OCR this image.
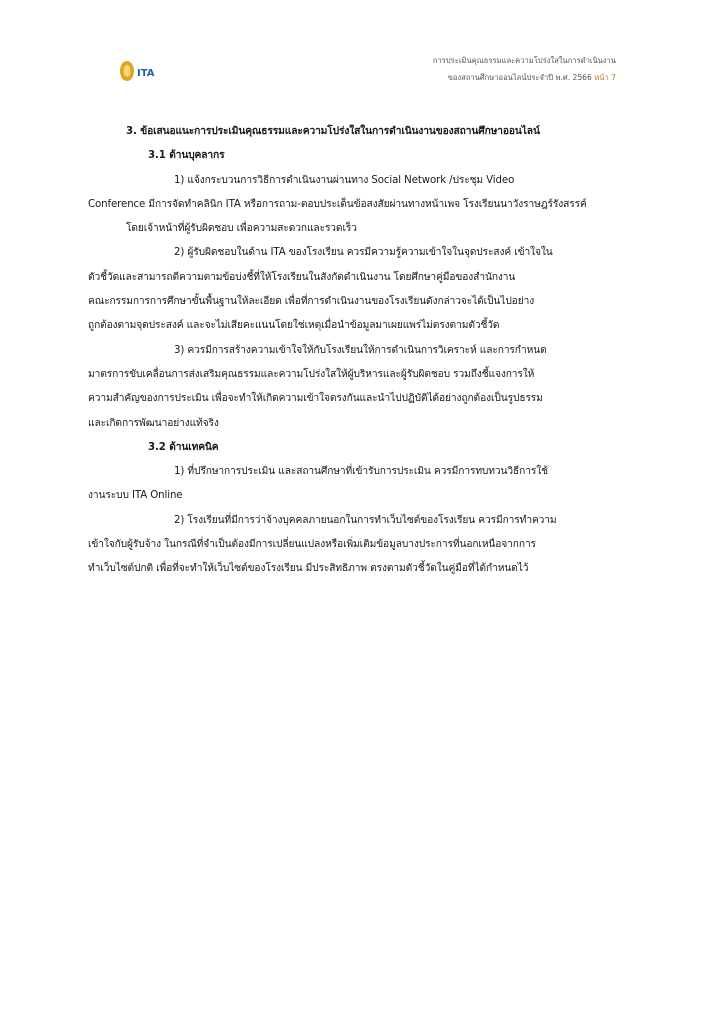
ITA
การประเมินคุณธรรมและความโปร่งใสในการดำเนินงาน
ของสถานศึกษาออนไลน์ประจำปี พ.ศ. 2566 หน้า 7
3. ข้อเสนอแนะการประเมินคุณธรรมและความโปร่งใสในการดำเนินงานของสถานศึกษาออนไลน์
3.1 ด้านบุคลากร
1) แจ้งกระบวนการวิธีการดำเนินงานผ่านทาง Social Network /ประชุม Video
Conference มีการจัดทำคลินิก ITA หรือการถาม-ตอบประเด็นข้อสงสัยผ่านทางหน้าเพจ โรงเรียนนาวังราษฎร์รังสรรค์
โดยเจ้าหน้าที่ผู้รับผิดชอบ เพื่อความสะดวกและรวดเร็ว
2) ผู้รับผิดชอบในด้าน ITA ของโรงเรียน ควรมีความรู้ความเข้าใจในจุดประสงค์ เข้าใจใน
ตัวชี้วัดและสามารถตีความตามข้อบ่งชี้ที่ให้โรงเรียนในสังกัดดำเนินงาน โดยศึกษาคู่มือของสำนักงาน
คณะกรรมการการศึกษาขั้นพื้นฐานให้ละเอียด เพื่อที่การดำเนินงานของโรงเรียนดังกล่าวจะได้เป็นไปอย่าง
ถูกต้องตามจุดประสงค์ และจะไม่เสียคะแนนโดยใช่เหตุเมื่อนำข้อมูลมาเผยแพร่ไม่ตรงตามตัวชี้วัด
3) ควรมีการสร้างความเข้าใจให้กับโรงเรียนให้การดำเนินการวิเคราะห์ และการกำหนด
มาตรการขับเคลื่อนการส่งเสริมคุณธรรมและความโปร่งใสให้ผู้บริหารและผู้รับผิดชอบ รวมถึงชี้แจงการให้
ความสำคัญของการประเมิน เพื่อจะทำให้เกิดความเข้าใจตรงกันและนำไปปฏิบัติได้อย่างถูกต้องเป็นรูปธรรม
และเกิดการพัฒนาอย่างแท้จริง
3.2 ด้านเทคนิค
1) ที่ปรึกษาการประเมิน และสถานศึกษาที่เข้ารับการประเมิน ควรมีการทบทวนวิธีการใช้
งานระบบ ITA Online
2) โรงเรียนที่มีการว่าจ้างบุคคลภายนอกในการทำเว็บไซต์ของโรงเรียน ควรมีการทำความ
เข้าใจกับผู้รับจ้าง ในกรณีที่จำเป็นต้องมีการเปลี่ยนแปลงหรือเพิ่มเติมข้อมูลบางประการที่นอกเหนือจากการ
ทำเว็บไซต์ปกติ เพื่อที่จะทำให้เว็บไซต์ของโรงเรียน มีประสิทธิภาพ ตรงตามตัวชี้วัดในคู่มือที่ได้กำหนดไว้
